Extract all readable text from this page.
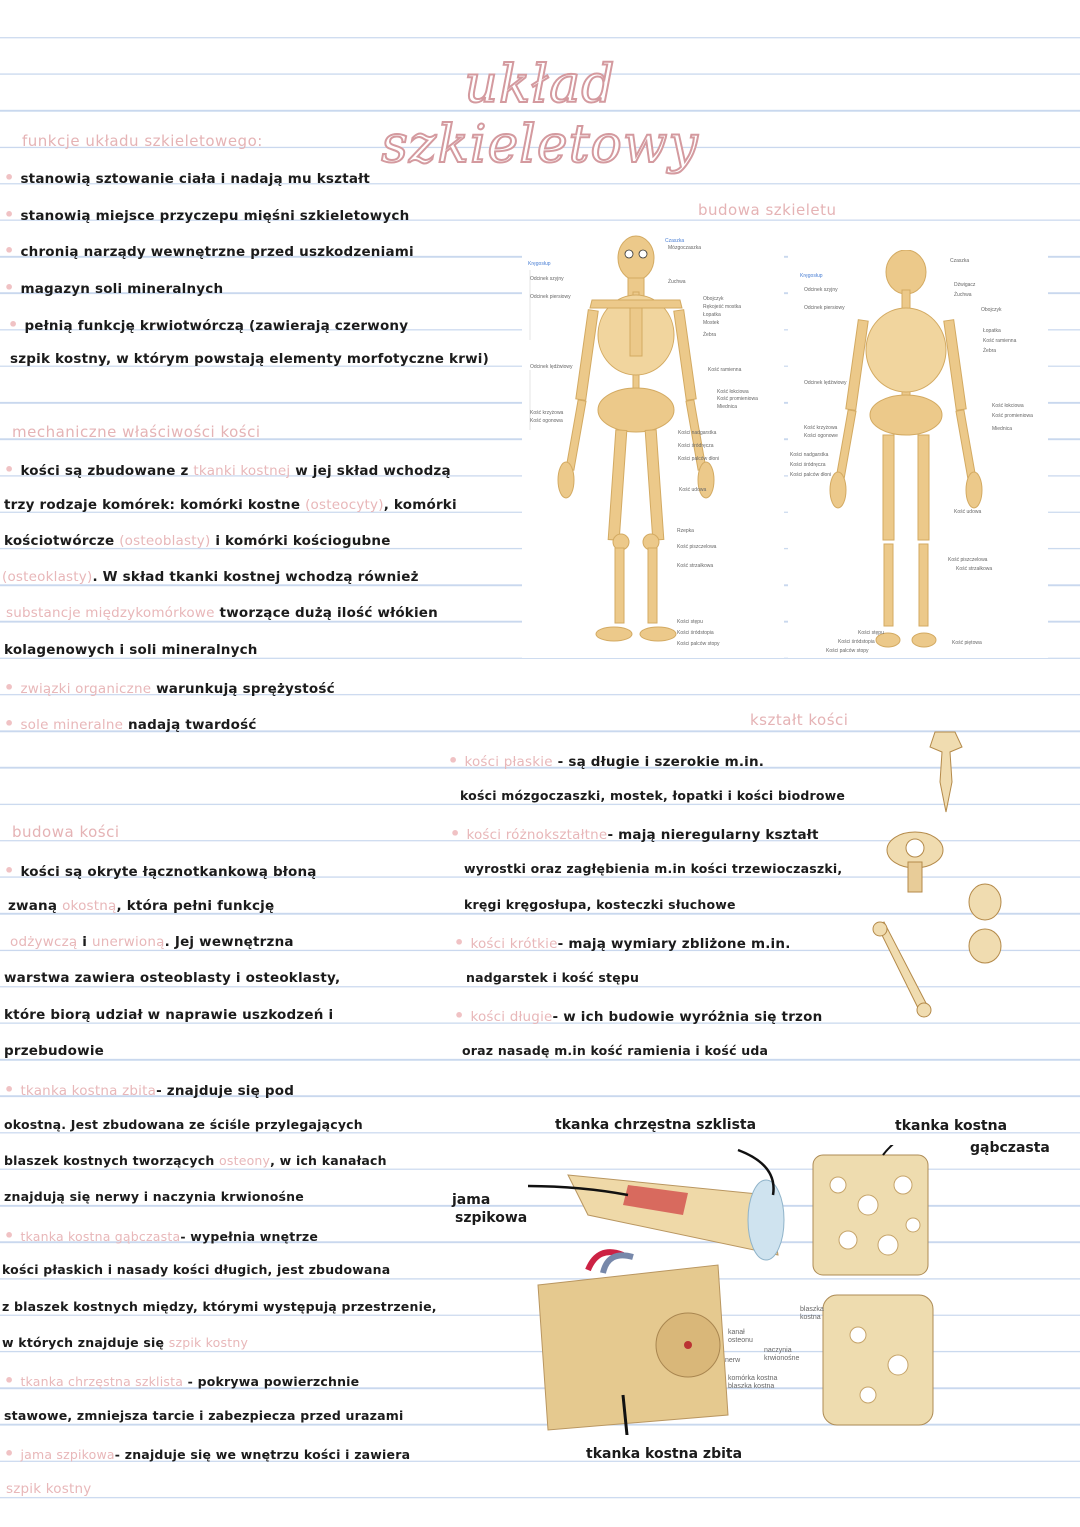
układ szkieletowy
funkcje układu szkieletowego:
• stanowią sztowanie ciała i nadają mu kształt
• stanowią miejsce przyczepu mięśni szkieletowych
• chronią narządy wewnętrzne przed uszkodzeniami
• magazyn soli mineralnych
• pełnią funkcję krwiotwórczą (zawierają czerwony
szpik kostny, w którym powstają elementy morfotyczne krwi)
mechaniczne właściwości kości
• kości są zbudowane z tkanki kostnej w jej skład wchodzą
trzy rodzaje komórek: komórki kostne (osteocyty), komórki
kościotwórcze (osteoblasty) i komórki kościogubne
(osteoklasty). W skład tkanki kostnej wchodzą również
substancje międzykomórkowe tworzące dużą ilość włókien
kolagenowych i soli mineralnych
• związki organiczne warunkują sprężystość
• sole mineralne nadają twardość
budowa kości
• kości są okryte łącznotkankową błoną
zwaną okostną, która pełni funkcję
odżywczą i unerwioną. Jej wewnętrzna
warstwa zawiera osteoblasty i osteoklasty,
które biorą udział w naprawie uszkodzeń i
przebudowie
• tkanka kostna zbita- znajduje się pod
okostną. Jest zbudowana ze ściśle przylegających
blaszek kostnych tworzących osteony, w ich kanałach
znajdują się nerwy i naczynia krwionośne
• tkanka kostna gąbczasta- wypełnia wnętrze
kości płaskich i nasady kości długich, jest zbudowana
z blaszek kostnych między, którymi występują przestrzenie,
w których znajduje się szpik kostny
• tkanka chrzęstna szklista - pokrywa powierzchnie
stawowe, zmniejsza tarcie i zabezpiecza przed urazami
• jama szpikowa- znajduje się we wnętrzu kości i zawiera
szpik kostny
budowa szkieletu
Czaszka
Mózgoczaszka
Kręgosłup
Odcinek szyjny	Żuchwa
Odcinek piersiowy	Obojczyk
Rękojeść mostka
Łopatka
Mostek
Żebra
Odcinek lędźwiowy	Kość ramienna
Kość łokciowa
Kość promieniowa
Miednica
Kość krzyżowa
Kość ogonowa
Kości nadgarstka
Kości śródręcza
Kości palców dłoni
Kość udowa
Rzepka
Kość piszczelowa
Kość strzałkowa
Kości stępu
Kości śródstopia
Kości palców stopy
Czaszka
Kręgosłup
Odcinek szyjny
Dźwigacz
Żuchwa
Odcinek piersiowy	Obojczyk
Łopatka
Kość ramienna
Żebra
Odcinek lędźwiowy
Kość łokciowa
Kość promieniowa
Miednica
Kość krzyżowa
Kości ogonowe
Kości nadgarstka
Kości śródręcza
Kości palców dłoni
Kość udowa
Kość piszczelowa
Kość strzałkowa
Kości stępu
Kości śródstopia
Kości palców stopy
Kość piętowa
kształt kości
• kości płaskie - są długie i szerokie m.in.
kości mózgoczaszki, mostek, łopatki i kości biodrowe
• kości różnokształtne- mają nieregularny kształt
wyrostki oraz zagłębienia m.in kości trzewioczaszki,
kręgi kręgosłupa, kosteczki słuchowe
• kości krótkie- mają wymiary zbliżone m.in.
nadgarstek i kość stępu
• kości długie- w ich budowie wyróżnia się trzon
oraz nasadę m.in kość ramienia i kość uda
tkanka chrzęstna szklista	tkanka kostna
gąbczasta
jama
szpikowa
tkanka kostna zbita
blaszka
kostna
kanał
osteonu
nerw
naczynia
krwionośne
komórka kostna
blaszka kostna
